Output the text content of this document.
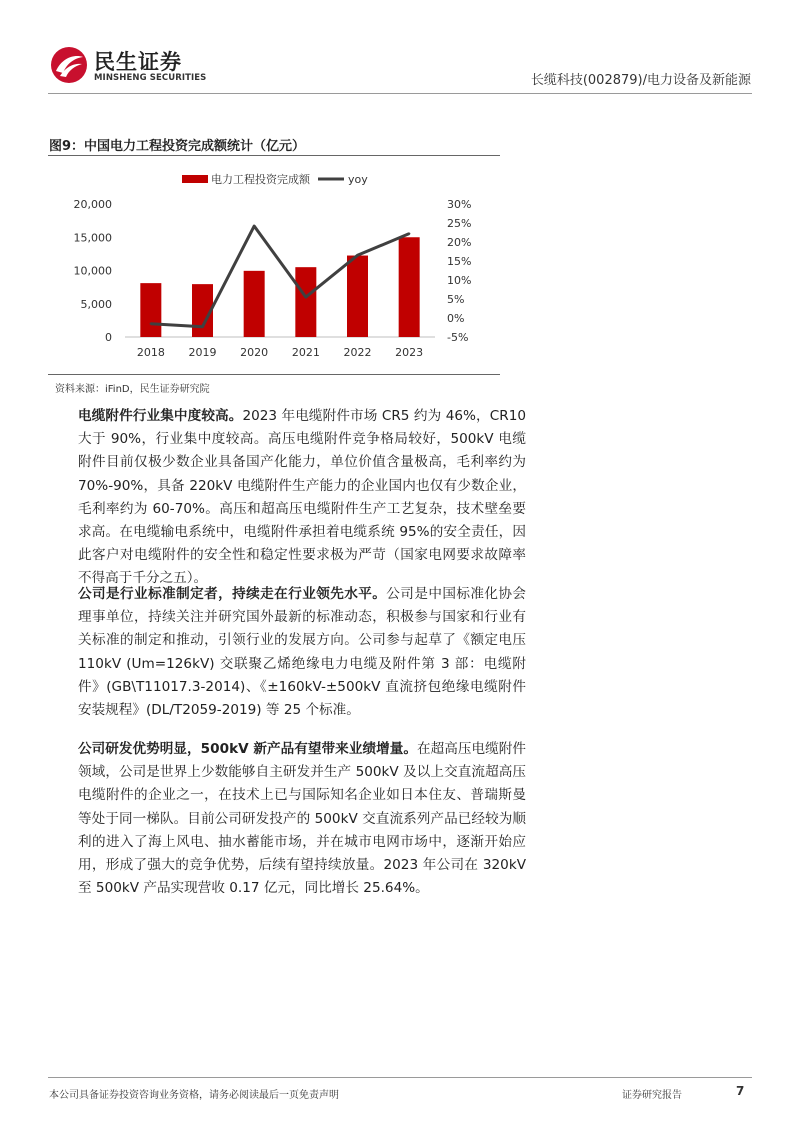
民生证券
MINSHENG SECURITIES	长缆科技(002879)/电力设备及新能源
图9：中国电力工程投资完成额统计（亿元）
电力工程投资完成额	yoy
0
5,000
10,000
15,000
20,000
-5%
0%
5%
10%
15%
20%
25%
30%
2018 2019 2020 2021 2022 2023
资料来源：iFinD，民生证券研究院
电缆附件行业集中度较高。2023 年电缆附件市场 CR5 约为 46%，CR10 大于 90%，行业集中度较高。高压电缆附件竞争格局较好，500kV 电缆附件目前仅极少数企业具备国产化能力，单位价值含量极高，毛利率约为 70%-90%，具备 220kV 电缆附件生产能力的企业国内也仅有少数企业，毛利率约为 60-70%。高压和超高压电缆附件生产工艺复杂，技术壁垒要求高。在电缆输电系统中，电缆附件承担着电缆系统 95%的安全责任，因此客户对电缆附件的安全性和稳定性要求极为严苛（国家电网要求故障率不得高于千分之五）。
公司是行业标准制定者，持续走在行业领先水平。公司是中国标准化协会理事单位，持续关注并研究国外最新的标准动态，积极参与国家和行业有关标准的制定和推动，引领行业的发展方向。公司参与起草了《额定电压 110kV (Um=126kV) 交联聚乙烯绝缘电力电缆及附件第 3 部：电缆附件》(GB\T11017.3-2014)、《±160kV-±500kV 直流挤包绝缘电缆附件安装规程》(DL/T2059-2019) 等 25 个标准。
公司研发优势明显，500kV 新产品有望带来业绩增量。在超高压电缆附件领域，公司是世界上少数能够自主研发并生产 500kV 及以上交直流超高压电缆附件的企业之一，在技术上已与国际知名企业如日本住友、普瑞斯曼等处于同一梯队。目前公司研发投产的 500kV 交直流系列产品已经较为顺利的进入了海上风电、抽水蓄能市场，并在城市电网市场中，逐渐开始应用，形成了强大的竞争优势，后续有望持续放量。2023 年公司在 320kV 至 500kV 产品实现营收 0.17 亿元，同比增长 25.64%。
本公司具备证券投资咨询业务资格，请务必阅读最后一页免责声明	证券研究报告	7
